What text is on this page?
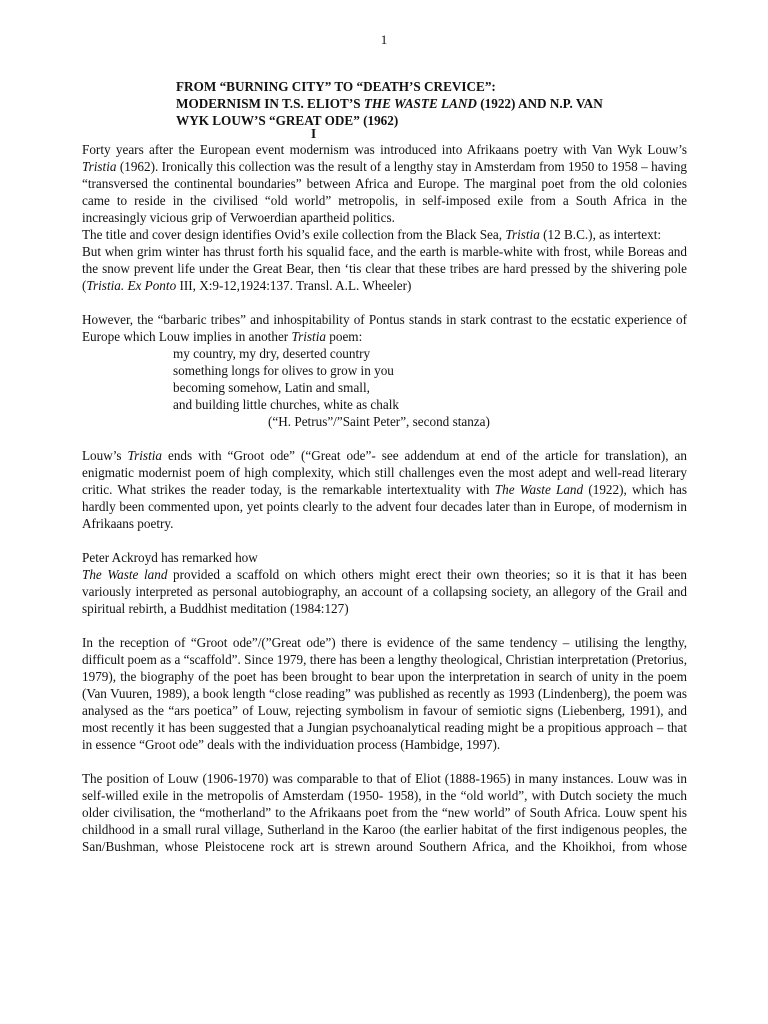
1
FROM “BURNING CITY” TO “DEATH’S CREVICE”:
MODERNISM IN T.S. ELIOT’S THE WASTE LAND (1922) AND N.P. VAN
WYK LOUW’S “GREAT ODE” (1962)
I

Forty years after the European event modernism was introduced into Afrikaans poetry with Van Wyk Louw’s Tristia (1962). Ironically this collection was the result of a lengthy stay in Amsterdam from 1950 to 1958 – having “transversed the continental boundaries” between Africa and Europe. The marginal poet from the old colonies came to reside in the civilised “old world” metropolis, in self-imposed exile from a South Africa in the increasingly vicious grip of Verwoerdian apartheid politics.

The title and cover design identifies Ovid’s exile collection from the Black Sea, Tristia (12 B.C.), as intertext:

But when grim winter has thrust forth his squalid face, and the earth is marble-white with frost, while Boreas and the snow prevent life under the Great Bear, then ‘tis clear that these tribes are hard pressed by the shivering pole (Tristia. Ex Ponto III, X:9-12,1924:137. Transl. A.L. Wheeler)

However, the “barbaric tribes” and inhospitability of Pontus stands in stark contrast to the ecstatic experience of Europe which Louw implies in another Tristia poem:

my country, my dry, deserted country
something longs for olives to grow in you
becoming somehow, Latin and small,
and building little churches, white as chalk
(“H. Petrus”/”Saint Peter”, second stanza)

Louw’s Tristia ends with “Groot ode” (“Great ode”- see addendum at end of the article for translation), an enigmatic modernist poem of high complexity, which still challenges even the most adept and well-read literary critic. What strikes the reader today, is the remarkable intertextuality with The Waste Land (1922), which has hardly been commented upon, yet points clearly to the advent four decades later than in Europe, of modernism in Afrikaans poetry.

Peter Ackroyd has remarked how

The Waste land provided a scaffold on which others might erect their own theories; so it is that it has been variously interpreted as personal autobiography, an account of a collapsing society, an allegory of the Grail and spiritual rebirth, a Buddhist meditation (1984:127)

In the reception of “Groot ode”/(”Great ode”) there is evidence of the same tendency – utilising the lengthy, difficult poem as a “scaffold”. Since 1979, there has been a lengthy theological, Christian interpretation (Pretorius, 1979), the biography of the poet has been brought to bear upon the interpretation in search of unity in the poem (Van Vuuren, 1989), a book length “close reading” was published as recently as 1993 (Lindenberg), the poem was analysed as the “ars poetica” of Louw, rejecting symbolism in favour of semiotic signs (Liebenberg, 1991), and most recently it has been suggested that a Jungian psychoanalytical reading might be a propitious approach – that in essence “Groot ode” deals with the individuation process (Hambidge, 1997).

The position of Louw (1906-1970) was comparable to that of Eliot (1888-1965) in many instances. Louw was in self-willed exile in the metropolis of Amsterdam (1950- 1958), in the “old world”, with Dutch society the much older civilisation, the “motherland” to the Afrikaans poet from the “new world” of South Africa. Louw spent his childhood in a small rural village, Sutherland in the Karoo (the earlier habitat of the first indigenous peoples, the San/Bushman, whose Pleistocene rock art is strewn around Southern Africa, and the Khoikhoi, from whose
